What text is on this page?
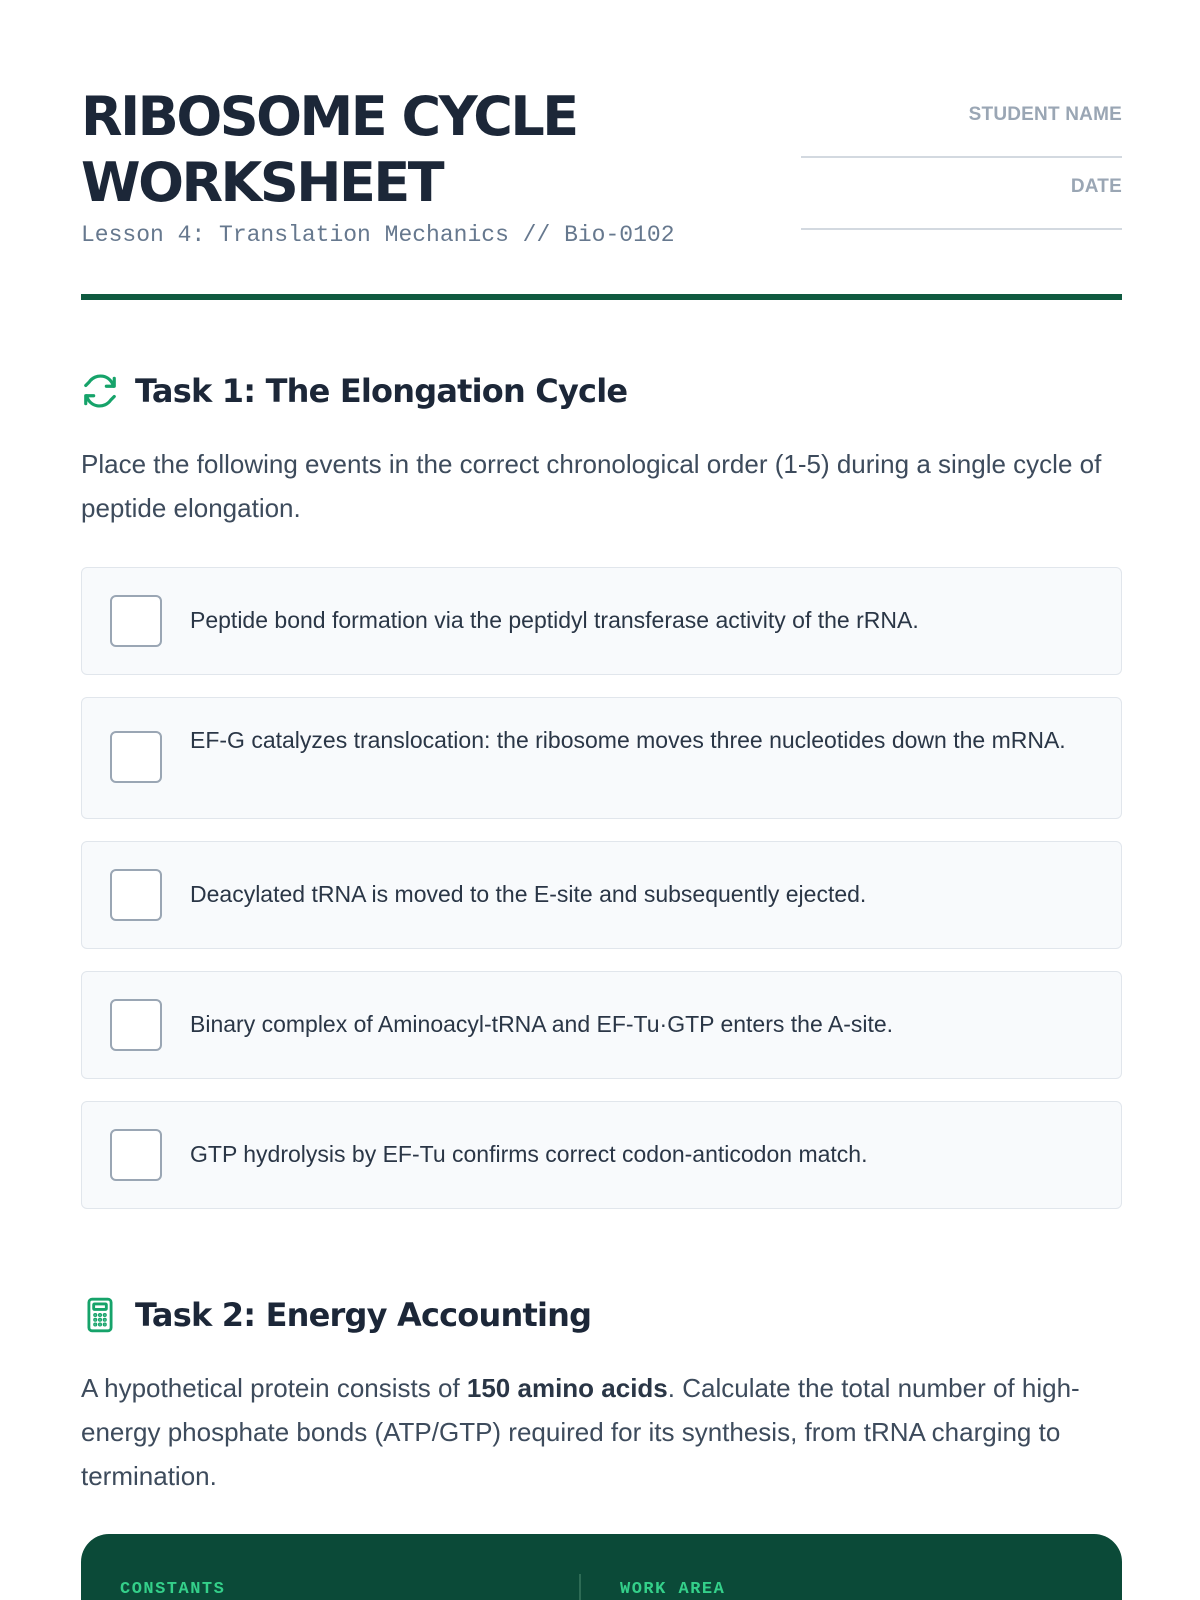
RIBOSOME CYCLE
WORKSHEET
Lesson 4: Translation Mechanics // Bio-0102
STUDENT NAME
DATE
Task 1: The Elongation Cycle

Place the following events in the correct chronological order (1-5) during a single cycle of peptide elongation.

Peptide bond formation via the peptidyl transferase activity of the rRNA.
EF-G catalyzes translocation: the ribosome moves three nucleotides down the mRNA.
Deacylated tRNA is moved to the E-site and subsequently ejected.
Binary complex of Aminoacyl-tRNA and EF-Tu·GTP enters the A-site.
GTP hydrolysis by EF-Tu confirms correct codon-anticodon match.
Task 2: Energy Accounting

A hypothetical protein consists of 150 amino acids. Calculate the total number of high-energy phosphate bonds (ATP/GTP) required for its synthesis, from tRNA charging to termination.

CONSTANTS	WORK AREA
